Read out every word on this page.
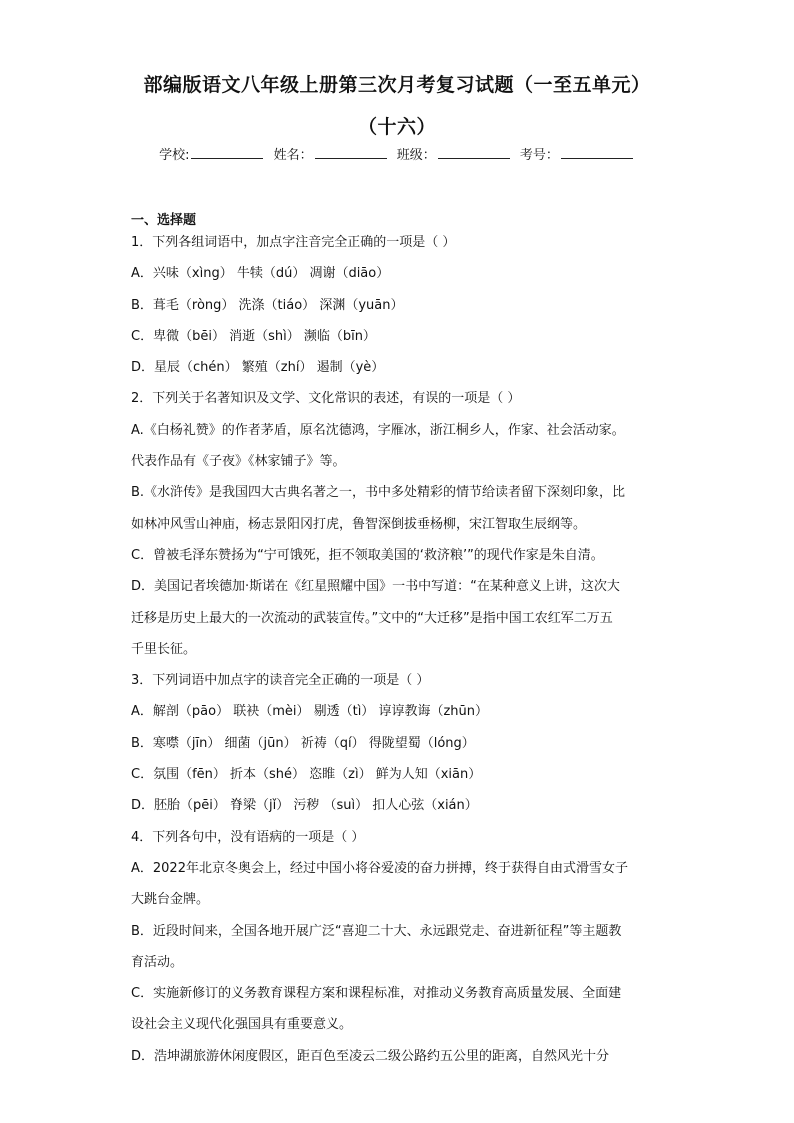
部编版语文八年级上册第三次月考复习试题（一至五单元）
（十六）
学校:	姓名：	班级：	考号：
一、选择题
1．下列各组词语中，加点字注音完全正确的一项是（ ）
A．兴味（xìng） 牛犊（dú） 凋谢（diāo）
B．葺毛（ròng） 洗涤（tiáo） 深渊（yuān）
C．卑微（bēi） 消逝（shì） 濒临（bīn）
D．星辰（chén） 繁殖（zhí） 遏制（yè）
2．下列关于名著知识及文学、文化常识的表述，有误的一项是（ ）
A.《白杨礼赞》的作者茅盾，原名沈德鸿，字雁冰，浙江桐乡人，作家、社会活动家。
代表作品有《子夜》《林家铺子》等。
B.《水浒传》是我国四大古典名著之一，书中多处精彩的情节给读者留下深刻印象，比
如林冲风雪山神庙，杨志景阳冈打虎，鲁智深倒拔垂杨柳，宋江智取生辰纲等。
C．曾被毛泽东赞扬为“宁可饿死，拒不领取美国的‘救济粮’”的现代作家是朱自清。
D．美国记者埃德加·斯诺在《红星照耀中国》一书中写道：“在某种意义上讲，这次大
迁移是历史上最大的一次流动的武装宣传。”文中的“大迁移”是指中国工农红军二万五
千里长征。
3．下列词语中加点字的读音完全正确的一项是（ ）
A．解剖（pāo） 联袂（mèi） 剔透（tì） 谆谆教诲（zhūn）
B．寒噤（jīn） 细菌（jūn） 祈祷（qí） 得陇望蜀（lóng）
C．氛围（fēn） 折本（shé） 恣睢（zì） 鲜为人知（xiān）
D．胚胎（pēi） 脊梁（jǐ） 污秽 （suì） 扣人心弦（xián）
4．下列各句中，没有语病的一项是（ ）
A．2022年北京冬奥会上，经过中国小将谷爱凌的奋力拼搏，终于获得自由式滑雪女子
大跳台金牌。
B．近段时间来，全国各地开展广泛“喜迎二十大、永远跟党走、奋进新征程”等主题教
育活动。
C．实施新修订的义务教育课程方案和课程标准，对推动义务教育高质量发展、全面建
设社会主义现代化强国具有重要意义。
D．浩坤湖旅游休闲度假区，距百色至凌云二级公路约五公里的距离，自然风光十分
